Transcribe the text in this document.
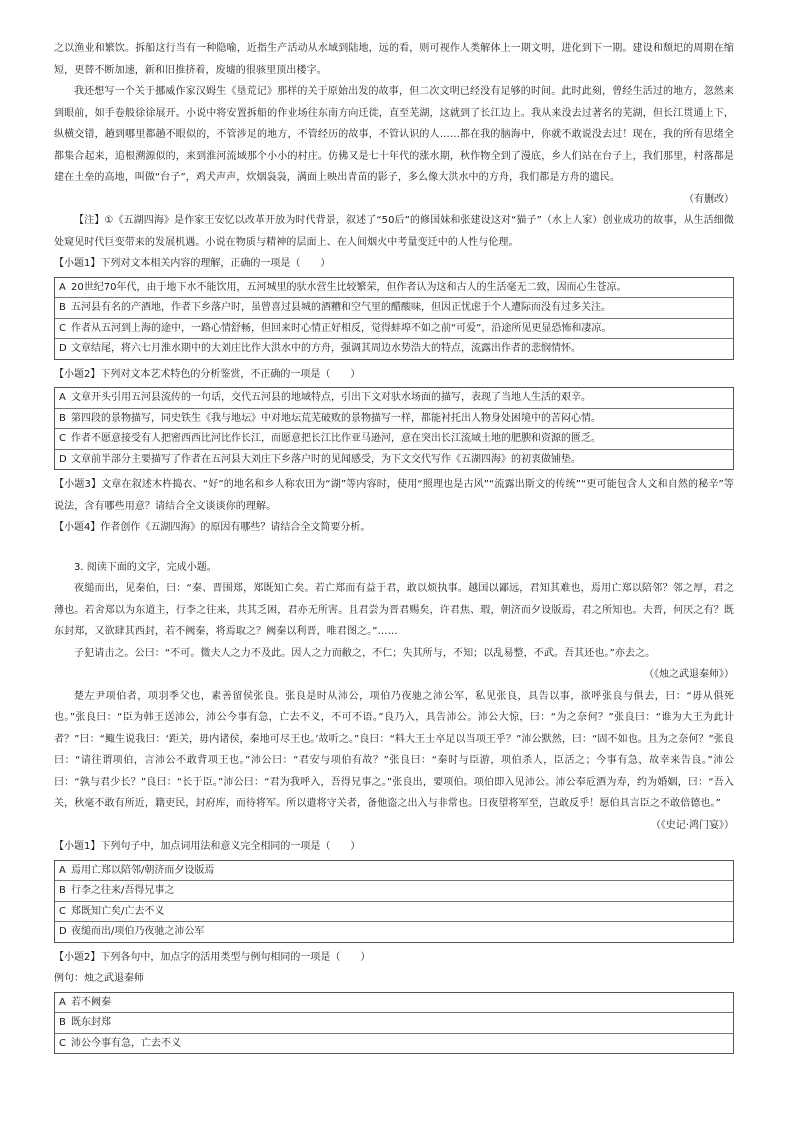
之以渔业和繁饮。拆船这行当有一种隐喻，近指生产活动从水域到陆地，远的看，则可视作人类解体上一期文明，进化到下一期。建设和颓圯的周期在缩短，更替不断加速，新和旧推挤着，废墟的很骇里顶出楼字。

我还想写一个关于挪威作家汉姆生《垦荒记》那样的关于原始出发的故事，但二次文明已经没有足够的时间。此时此刻，曾经生活过的地方，忽然来到眼前，如手卷般徐徐展开。小说中将安置拆船的作业场往东南方向迁徙，直至芜湖，这就到了长江边上。我从来没去过著名的芜湖，但长江贯通上下，纵横交错，趟到哪里都趟不眼似的，不管涉足的地方，不管经历的故事，不管认识的人……都在我的脑海中，你就不敢说没去过！现在，我的所有思绪全都集合起来，追根溯源似的，来到淮河流域那个小小的村庄。仿佛又是七十年代的涨水期，秋作物全到了漫底，乡人们站在台子上，我们那里，村落都是建在土垒的高地，叫做“台子”，鸡犬声声，炊烟袅袅，满面上映出青苗的影子，多么像大洪水中的方舟，我们都是方舟的遗民。

（有删改）

【注】①《五湖四海》是作家王安忆以改革开放为时代背景，叙述了“50后”的修国妹和张建设这对“猫子”（水上人家）创业成功的故事，从生活细微处窥见时代巨变带来的发展机遇。小说在物质与精神的层面上、在人间烟火中考量变迁中的人性与伦理。

【小题1】下列对文本相关内容的理解，正确的一项是（　　）

A 20世纪70年代，由于地下水不能饮用，五河城里的驮水营生比较繁荣，但作者认为这和古人的生活毫无二致，因而心生苍凉。
B 五河县有名的产酒地，作者下乡落户时，虽曾喜过县城的酒糟和空气里的醋酸味，但因正忧虑于个人遭际而没有过多关注。
C 作者从五河到上海的途中，一路心情舒畅，但回来时心情正好相反，觉得蚌埠不如之前“可爱”，沿途所见更显恐怖和凄凉。
D 文章结尾，将六七月淮水期中的大刘庄比作大洪水中的方舟，强调其周边水势浩大的特点，流露出作者的悲悯情怀。

【小题2】下列对文本艺术特色的分析鉴赏，不正确的一项是（　　）

A 文章开头引用五河县流传的一句话，交代五河县的地域特点，引出下文对驮水场面的描写，表现了当地人生活的艰辛。
B 第四段的景物描写，同史铁生《我与地坛》中对地坛荒芜破败的景物描写一样，都能衬托出人物身处困境中的苦闷心情。
C 作者不愿意接受有人把密西西比河比作长江，而愿意把长江比作亚马逊河，意在突出长江流域土地的肥腴和资源的匮乏。
D 文章前半部分主要描写了作者在五河县大刘庄下乡落户时的见闻感受，为下文交代写作《五湖四海》的初衷做铺垫。

【小题3】文章在叙述木杵捣衣、“好”的地名和乡人称农田为“湖”等内容时，使用“照理也是古风”“流露出斯文的传统”“更可能包含人文和自然的秘辛”等说法，含有哪些用意？请结合全文谈谈你的理解。

【小题4】作者创作《五湖四海》的原因有哪些？请结合全文简要分析。

3. 阅读下面的文字，完成小题。

夜缒而出，见秦伯，曰：“秦、晋围郑，郑既知亡矣。若亡郑而有益于君，敢以烦执事。越国以鄙远，君知其难也，焉用亡郑以陪邻？邻之厚，君之薄也。若舍郑以为东道主，行李之往来，共其乏困，君亦无所害。且君尝为晋君赐矣，许君焦、瑕，朝济而夕设版焉，君之所知也。夫晋，何厌之有？既东封郑，又欲肆其西封，若不阙秦，将焉取之？阙秦以利晋，唯君图之。”……

子犯请击之。公曰：“不可。微夫人之力不及此。因人之力而敝之，不仁；失其所与，不知；以乱易整，不武。吾其还也。”亦去之。

（《烛之武退秦师》）

楚左尹项伯者，项羽季父也，素善留侯张良。张良是时从沛公，项伯乃夜驰之沛公军，私见张良，具告以事，欲呼张良与俱去，曰：“毋从俱死也。”张良曰：“臣为韩王送沛公，沛公今事有急，亡去不义，不可不语。”良乃入，具告沛公。沛公大惊，曰：“为之奈何？”张良曰：“谁为大王为此计者？”曰：“鲰生说我曰：‘距关，毋内诸侯，秦地可尽王也。’故听之。”良曰：“料大王士卒足以当项王乎？”沛公默然，曰：“固不如也。且为之奈何？”张良曰：“请往谓项伯，言沛公不敢背项王也。”沛公曰：“君安与项伯有故？”张良曰：“秦时与臣游，项伯杀人，臣活之；今事有急，故幸来告良。”沛公曰：“孰与君少长？”良曰：“长于臣。”沛公曰：“君为我呼入，吾得兄事之。”张良出，要项伯。项伯即入见沛公。沛公奉卮酒为寿，约为婚姻，曰：“吾入关，秋毫不敢有所近，籍吏民，封府库，而待将军。所以遣将守关者，备他盗之出入与非常也。日夜望将军至，岂敢反乎！愿伯具言臣之不敢倍德也。”

（《史记·鸿门宴》）

【小题1】下列句子中，加点词用法和意义完全相同的一项是（　　）

A 焉用亡郑以陪邻/朝济而夕设版焉
B 行李之往来/吾得兄事之
C 郑既知亡矣/亡去不义
D 夜缒而出/项伯乃夜驰之沛公军

【小题2】下列各句中，加点字的活用类型与例句相同的一项是（　　）

例句：烛之武退秦师

A 若不阙秦
B 既东封郑
C 沛公今事有急，亡去不义
